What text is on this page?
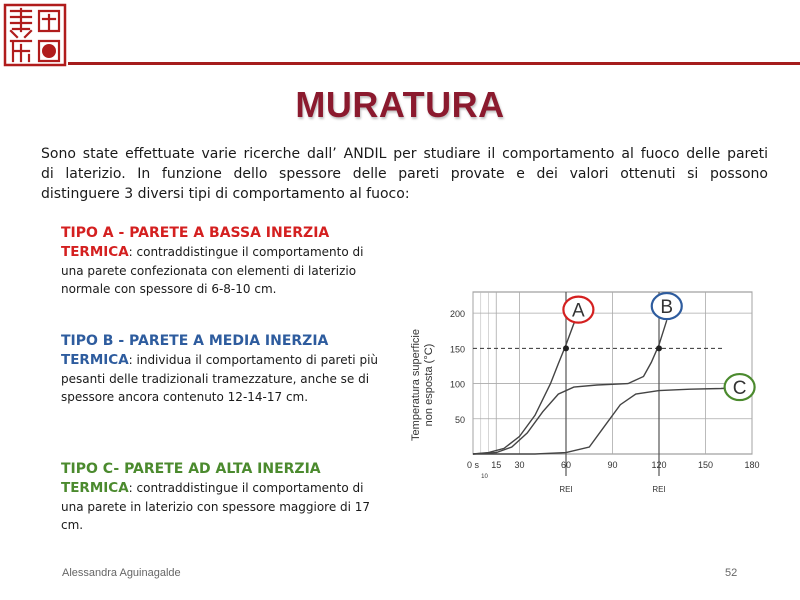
MURATURA
Sono state effettuate varie ricerche dall’ ANDIL per studiare il comportamento al fuoco delle pareti
di laterizio. In funzione dello spessore delle pareti provate e dei valori ottenuti si possono
distinguere 3 diversi tipi di comportamento al fuoco:
TIPO A - PARETE A BASSA INERZIA
TERMICA: contraddistingue il comportamento di una parete confezionata con elementi di laterizio normale con spessore di 6-8-10 cm.
TIPO B - PARETE A MEDIA INERZIA
TERMICA: individua il comportamento di pareti più pesanti delle tradizionali tramezzature, anche se di spessore ancora contenuto 12-14-17 cm.
TIPO C- PARETE AD ALTA INERZIA
TERMICA: contraddistingue il comportamento di una parete in laterizio con spessore maggiore di 17 cm.
A	B
C
50
100
150
200
0 s 15 30	60	90	120	150	180
10
REI	REI
Temperatura superficie non esposta (°C)
Alessandra Aguinagalde	52
